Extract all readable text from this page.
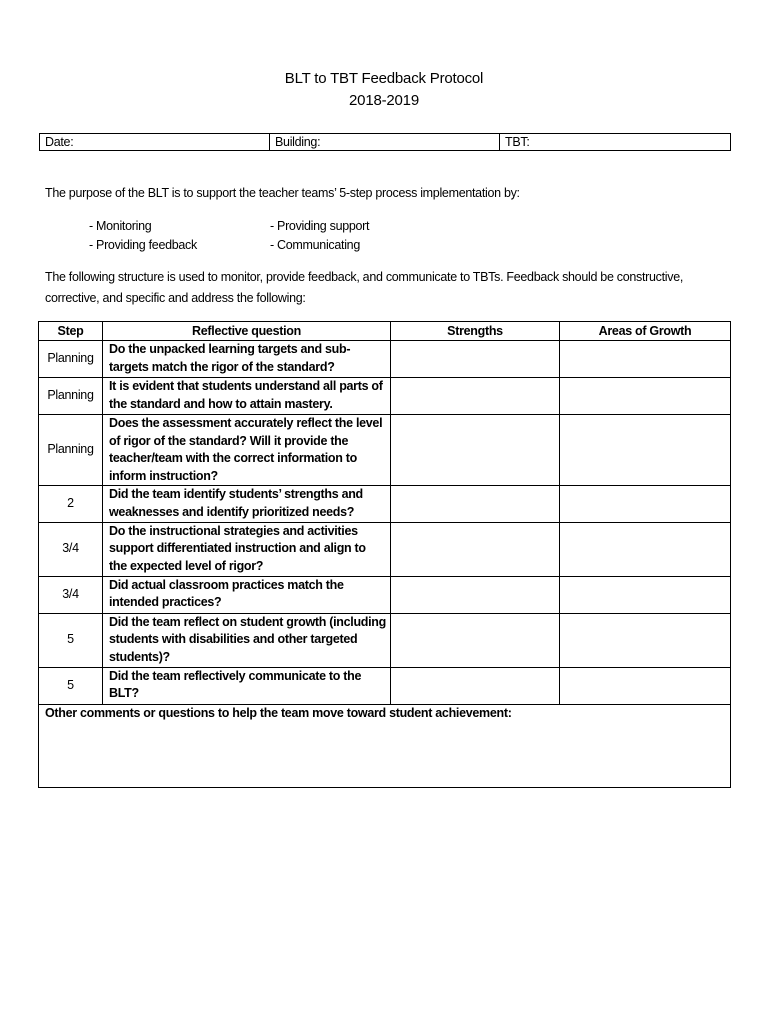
BLT to TBT Feedback Protocol
2018-2019
Date:	Building:	TBT:
The purpose of the BLT is to support the teacher teams’ 5-step process implementation by:
- Monitoring
- Providing feedback
- Providing support
- Communicating
The following structure is used to monitor, provide feedback, and communicate to TBTs. Feedback should be constructive, corrective, and specific and address the following:
Step	Reflective question	Strengths	Areas of Growth
Planning	Do the unpacked learning targets and sub-targets match the rigor of the standard?		
Planning	It is evident that students understand all parts of the standard and how to attain mastery.		
Planning	Does the assessment accurately reflect the level of rigor of the standard? Will it provide the teacher/team with the correct information to inform instruction?		
2	Did the team identify students’ strengths and weaknesses and identify prioritized needs?		
3/4	Do the instructional strategies and activities support differentiated instruction and align to the expected level of rigor?		
3/4	Did actual classroom practices match the intended practices?		
5	Did the team reflect on student growth (including students with disabilities and other targeted students)?		
5	Did the team reflectively communicate to the BLT?		
Other comments or questions to help the team move toward student achievement:			
